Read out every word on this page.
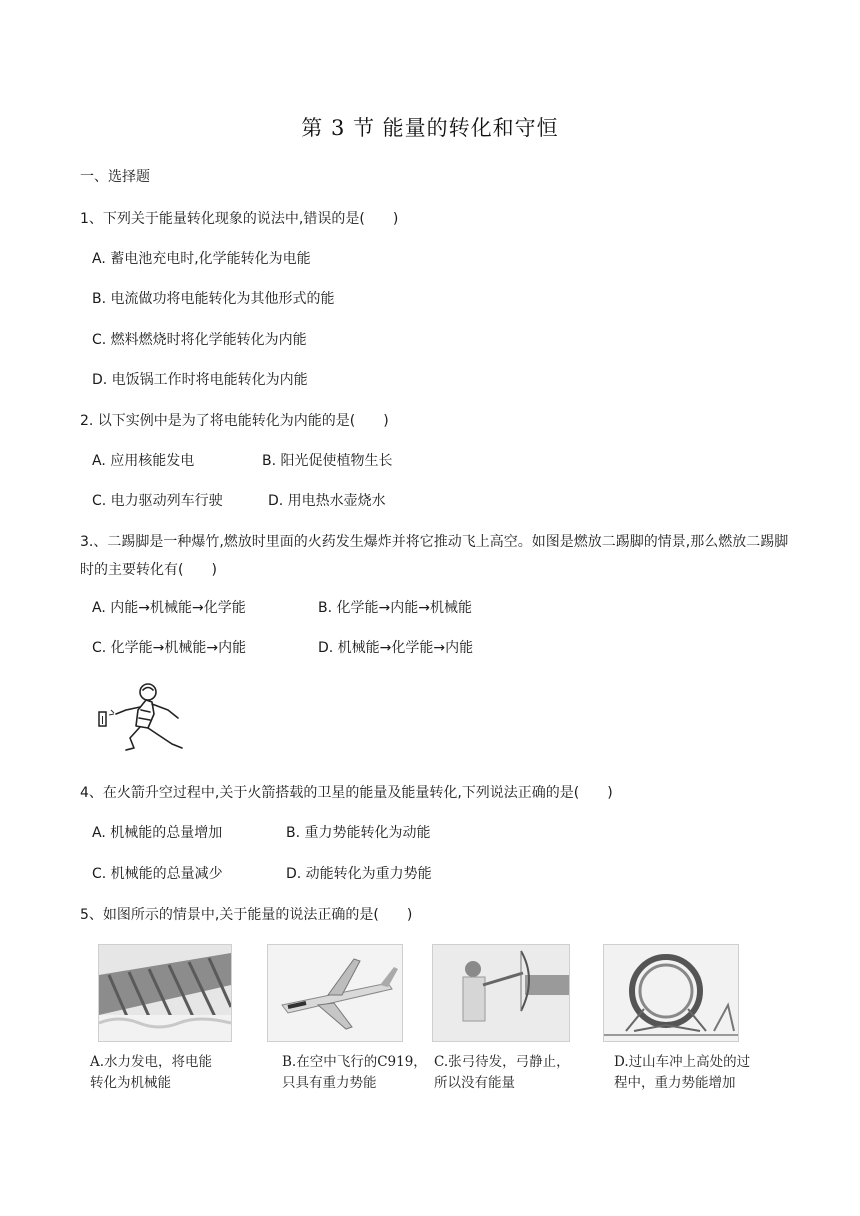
第 3 节 能量的转化和守恒
一、选择题
1、下列关于能量转化现象的说法中,错误的是(　　)
A. 蓄电池充电时,化学能转化为电能
B. 电流做功将电能转化为其他形式的能
C. 燃料燃烧时将化学能转化为内能
D. 电饭锅工作时将电能转化为内能
2. 以下实例中是为了将电能转化为内能的是(　　)
A. 应用核能发电	B. 阳光促使植物生长
C. 电力驱动列车行驶	D. 用电热水壶烧水
3.、二踢脚是一种爆竹,燃放时里面的火药发生爆炸并将它推动飞上高空。如图是燃放二踢脚的情景,那么燃放二踢脚时的主要转化有(　　)
A. 内能→机械能→化学能	B. 化学能→内能→机械能
C. 化学能→机械能→内能	D. 机械能→化学能→内能
4、在火箭升空过程中,关于火箭搭载的卫星的能量及能量转化,下列说法正确的是(　　)
A. 机械能的总量增加	B. 重力势能转化为动能
C. 机械能的总量减少	D. 动能转化为重力势能
5、如图所示的情景中,关于能量的说法正确的是(　　)
A.水力发电，将电能
转化为机械能
B.在空中飞行的C919，
只具有重力势能
C.张弓待发，弓静止，
所以没有能量
D.过山车冲上高处的过
程中，重力势能增加
